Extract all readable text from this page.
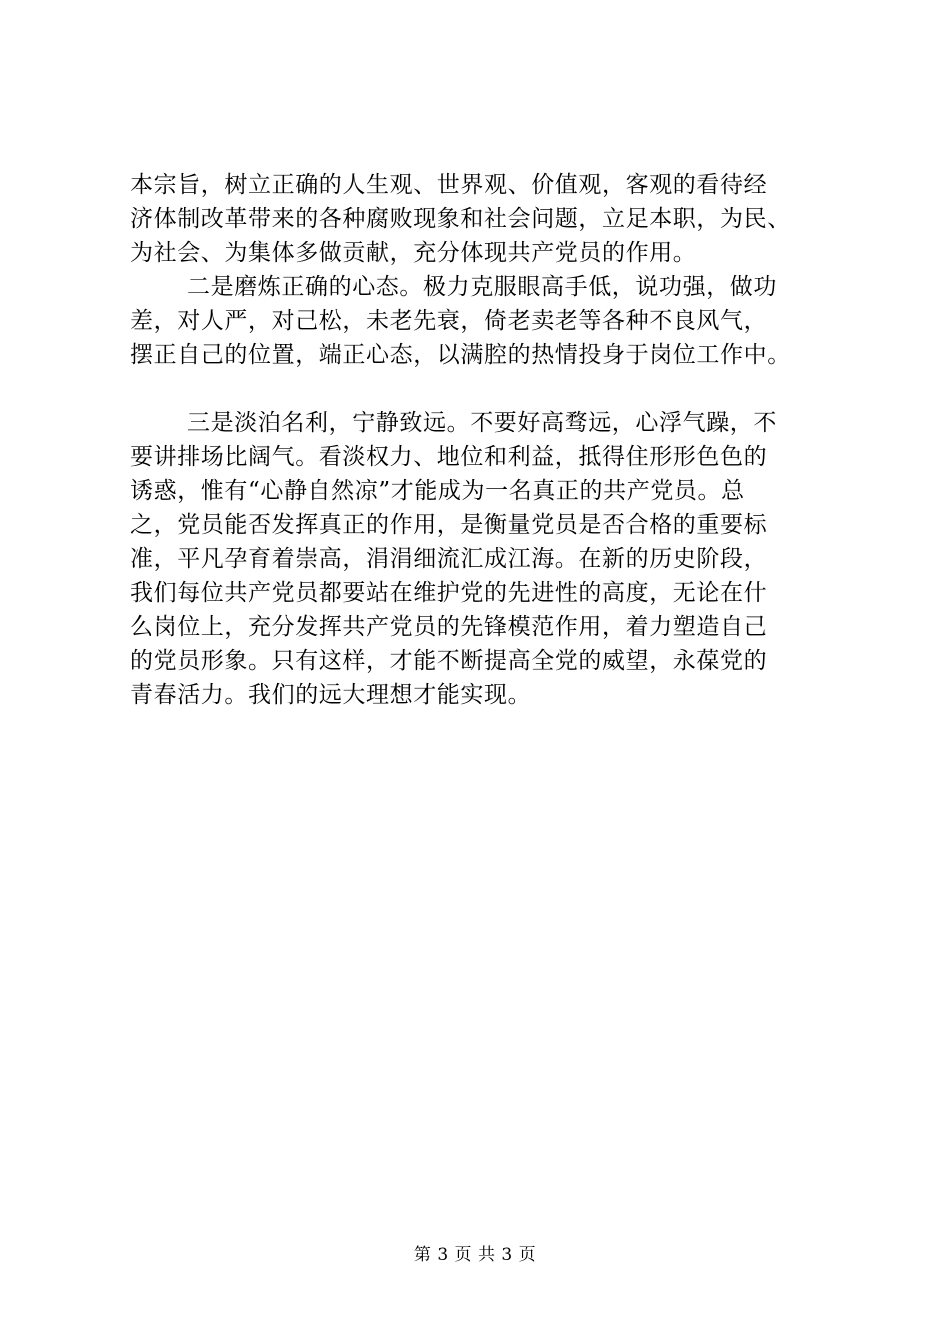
本宗旨，树立正确的人生观、世界观、价值观，客观的看待经
济体制改革带来的各种腐败现象和社会问题，立足本职，为民、
为社会、为集体多做贡献，充分体现共产党员的作用。
二是磨炼正确的心态。极力克服眼高手低，说功强，做功
差，对人严，对己松，未老先衰，倚老卖老等各种不良风气，
摆正自己的位置，端正心态，以满腔的热情投身于岗位工作中。
三是淡泊名利，宁静致远。不要好高骛远，心浮气躁，不
要讲排场比阔气。看淡权力、地位和利益，抵得住形形色色的
诱惑，惟有“心静自然凉”才能成为一名真正的共产党员。总
之，党员能否发挥真正的作用，是衡量党员是否合格的重要标
准，平凡孕育着崇高，涓涓细流汇成江海。在新的历史阶段，
我们每位共产党员都要站在维护党的先进性的高度，无论在什
么岗位上，充分发挥共产党员的先锋模范作用，着力塑造自己
的党员形象。只有这样，才能不断提高全党的威望，永葆党的
青春活力。我们的远大理想才能实现。
第 3 页 共 3 页
